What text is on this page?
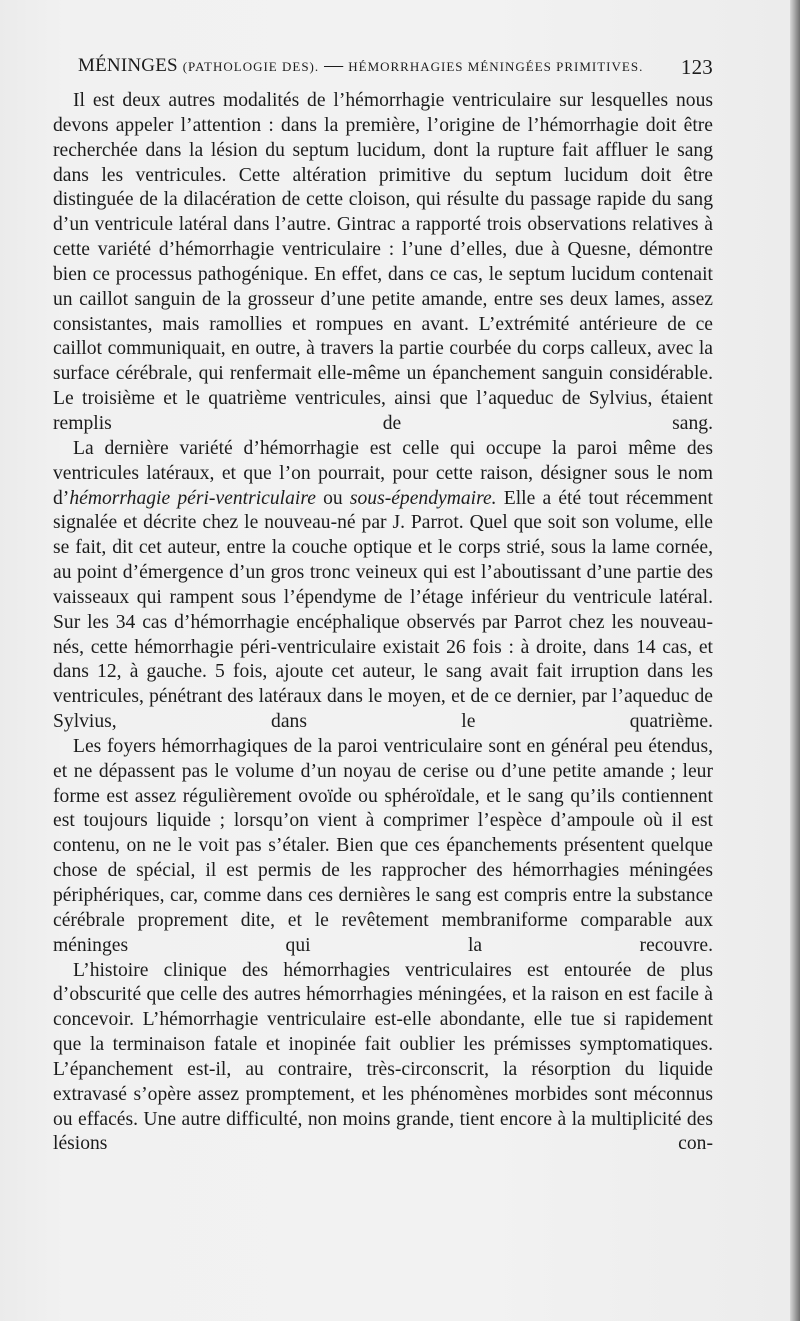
MÉNINGES (PATHOLOGIE DES). — HÉMORRHAGIES MÉNINGÉES PRIMITIVES. 123

Il est deux autres modalités de l’hémorrhagie ventriculaire sur lesquelles nous devons appeler l’attention : dans la première, l’origine de l’hémorrhagie doit être recherchée dans la lésion du septum lucidum, dont la rupture fait affluer le sang dans les ventricules. Cette altération primitive du septum lucidum doit être distinguée de la dilacération de cette cloison, qui résulte du passage rapide du sang d’un ventricule latéral dans l’autre. Gintrac a rapporté trois observations relatives à cette variété d’hémorrhagie ventriculaire : l’une d’elles, due à Quesne, démontre bien ce processus pathogénique. En effet, dans ce cas, le septum lucidum contenait un caillot sanguin de la grosseur d’une petite amande, entre ses deux lames, assez consistantes, mais ramollies et rompues en avant. L’extrémité antérieure de ce caillot communiquait, en outre, à travers la partie courbée du corps calleux, avec la surface cérébrale, qui renfermait elle-même un épanchement sanguin considérable. Le troisième et le quatrième ventricules, ainsi que l’aqueduc de Sylvius, étaient remplis de sang.

La dernière variété d’hémorrhagie est celle qui occupe la paroi même des ventricules latéraux, et que l’on pourrait, pour cette raison, désigner sous le nom d’hémorrhagie péri-ventriculaire ou sous-épendymaire. Elle a été tout récemment signalée et décrite chez le nouveau-né par J. Parrot. Quel que soit son volume, elle se fait, dit cet auteur, entre la couche optique et le corps strié, sous la lame cornée, au point d’émergence d’un gros tronc veineux qui est l’aboutissant d’une partie des vaisseaux qui rampent sous l’épendyme de l’étage inférieur du ventricule latéral. Sur les 34 cas d’hémorrhagie encéphalique observés par Parrot chez les nouveau-nés, cette hémorrhagie péri-ventriculaire existait 26 fois : à droite, dans 14 cas, et dans 12, à gauche. 5 fois, ajoute cet auteur, le sang avait fait irruption dans les ventricules, pénétrant des latéraux dans le moyen, et de ce dernier, par l’aqueduc de Sylvius, dans le quatrième.

Les foyers hémorrhagiques de la paroi ventriculaire sont en général peu étendus, et ne dépassent pas le volume d’un noyau de cerise ou d’une petite amande ; leur forme est assez régulièrement ovoïde ou sphéroïdale, et le sang qu’ils contiennent est toujours liquide ; lorsqu’on vient à comprimer l’espèce d’ampoule où il est contenu, on ne le voit pas s’étaler. Bien que ces épanchements présentent quelque chose de spécial, il est permis de les rapprocher des hémorrhagies méningées périphériques, car, comme dans ces dernières le sang est compris entre la substance cérébrale proprement dite, et le revêtement membraniforme comparable aux méninges qui la recouvre.

L’histoire clinique des hémorrhagies ventriculaires est entourée de plus d’obscurité que celle des autres hémorrhagies méningées, et la raison en est facile à concevoir. L’hémorrhagie ventriculaire est-elle abondante, elle tue si rapidement que la terminaison fatale et inopinée fait oublier les prémisses symptomatiques. L’épanchement est-il, au contraire, très-circonscrit, la résorption du liquide extravasé s’opère assez promptement, et les phénomènes morbides sont méconnus ou effacés. Une autre difficulté, non moins grande, tient encore à la multiplicité des lésions con-
